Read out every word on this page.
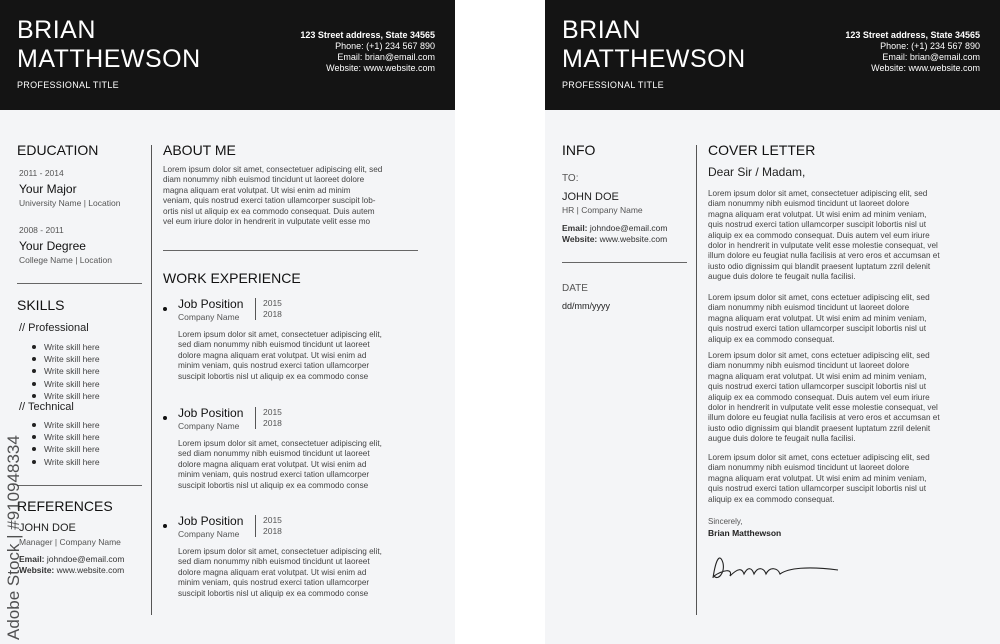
BRIAN
MATTHEWSON
PROFESSIONAL TITLE
123 Street address, State 34565
Phone: (+1) 234 567 890
Email: brian@email.com
Website: www.website.com
EDUCATION
2011 - 2014
Your Major
University Name | Location
2008 - 2011
Your Degree
College Name | Location
SKILLS
// Professional
Write skill here
Write skill here
Write skill here
Write skill here
Write skill here
// Technical
Write skill here
Write skill here
Write skill here
Write skill here
REFERENCES
JOHN DOE
Manager | Company Name
Email: johndoe@email.com
Website: www.website.com
ABOUT ME
Lorem ipsum dolor sit amet, consectetuer adipiscing elit, sed
diam nonummy nibh euismod tincidunt ut laoreet dolore
magna aliquam erat volutpat. Ut wisi enim ad minim
veniam, quis nostrud exerci tation ullamcorper suscipit lob-
ortis nisl ut aliquip ex ea commodo consequat. Duis autem
vel eum iriure dolor in hendrerit in vulputate velit esse mo
WORK EXPERIENCE
Job Position
Company Name
2015
2018
Lorem ipsum dolor sit amet, consectetuer adipiscing elit,
sed diam nonummy nibh euismod tincidunt ut laoreet
dolore magna aliquam erat volutpat. Ut wisi enim ad
minim veniam, quis nostrud exerci tation ullamcorper
suscipit lobortis nisl ut aliquip ex ea commodo conse
Job Position
Company Name
2015
2018
Lorem ipsum dolor sit amet, consectetuer adipiscing elit,
sed diam nonummy nibh euismod tincidunt ut laoreet
dolore magna aliquam erat volutpat. Ut wisi enim ad
minim veniam, quis nostrud exerci tation ullamcorper
suscipit lobortis nisl ut aliquip ex ea commodo conse
Job Position
Company Name
2015
2018
Lorem ipsum dolor sit amet, consectetuer adipiscing elit,
sed diam nonummy nibh euismod tincidunt ut laoreet
dolore magna aliquam erat volutpat. Ut wisi enim ad
minim veniam, quis nostrud exerci tation ullamcorper
suscipit lobortis nisl ut aliquip ex ea commodo conse
BRIAN
MATTHEWSON
PROFESSIONAL TITLE
123 Street address, State 34565
Phone: (+1) 234 567 890
Email: brian@email.com
Website: www.website.com
INFO
TO:
JOHN DOE
HR | Company Name
Email: johndoe@email.com
Website: www.website.com
DATE
dd/mm/yyyy
COVER LETTER
Dear Sir / Madam,
Lorem ipsum dolor sit amet, consectetuer adipiscing elit, sed
diam nonummy nibh euismod tincidunt ut laoreet dolore
magna aliquam erat volutpat. Ut wisi enim ad minim veniam,
quis nostrud exerci tation ullamcorper suscipit lobortis nisl ut
aliquip ex ea commodo consequat. Duis autem vel eum iriure
dolor in hendrerit in vulputate velit esse molestie consequat, vel
illum dolore eu feugiat nulla facilisis at vero eros et accumsan et
iusto odio dignissim qui blandit praesent luptatum zzril delenit
augue duis dolore te feugait nulla facilisi.
Lorem ipsum dolor sit amet, cons ectetuer adipiscing elit, sed
diam nonummy nibh euismod tincidunt ut laoreet dolore
magna aliquam erat volutpat. Ut wisi enim ad minim veniam,
quis nostrud exerci tation ullamcorper suscipit lobortis nisl ut
aliquip ex ea commodo consequat.
Lorem ipsum dolor sit amet, cons ectetuer adipiscing elit, sed
diam nonummy nibh euismod tincidunt ut laoreet dolore
magna aliquam erat volutpat. Ut wisi enim ad minim veniam,
quis nostrud exerci tation ullamcorper suscipit lobortis nisl ut
aliquip ex ea commodo consequat. Duis autem vel eum iriure
dolor in hendrerit in vulputate velit esse molestie consequat, vel
illum dolore eu feugiat nulla facilisis at vero eros et accumsan et
iusto odio dignissim qui blandit praesent luptatum zzril delenit
augue duis dolore te feugait nulla facilisi.
Lorem ipsum dolor sit amet, cons ectetuer adipiscing elit, sed
diam nonummy nibh euismod tincidunt ut laoreet dolore
magna aliquam erat volutpat. Ut wisi enim ad minim veniam,
quis nostrud exerci tation ullamcorper suscipit lobortis nisl ut
aliquip ex ea commodo consequat.
Sincerely,
Brian Matthewson
Adobe Stock | #910948334
